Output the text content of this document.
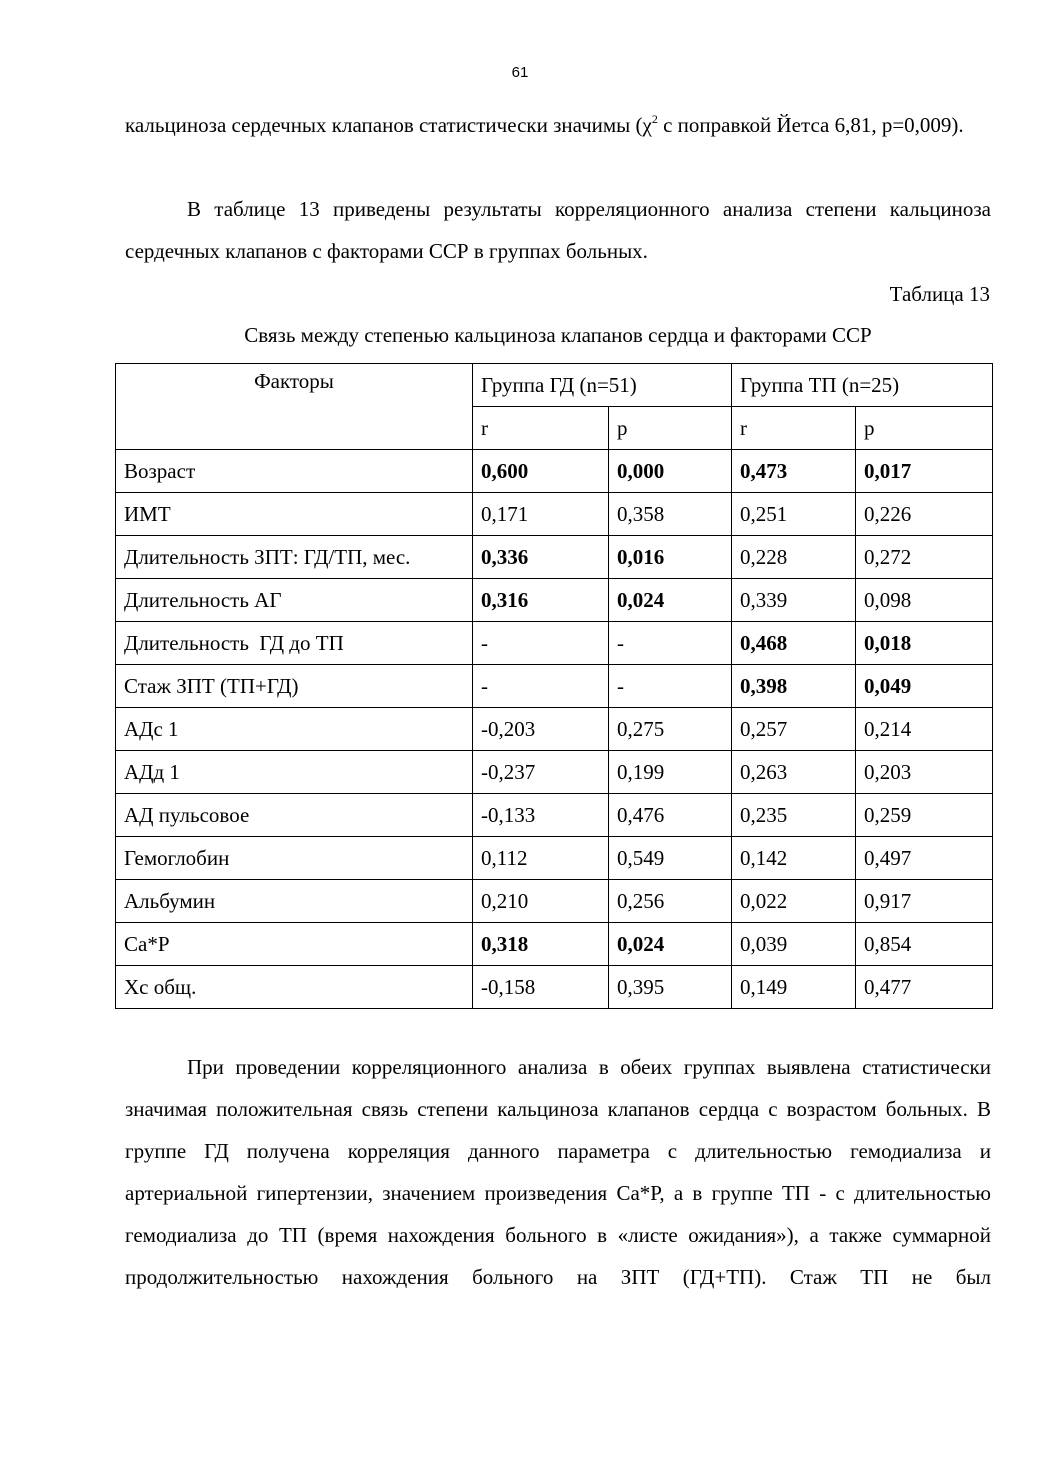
61

кальциноза сердечных клапанов статистически значимы ($\chi^2$ с поправкой Йетса 6,81, p=0,009).

В таблице 13 приведены результаты корреляционного анализа степени кальциноза сердечных клапанов с факторами ССР в группах больных.

Таблица 13
Связь между степенью кальциноза клапанов сердца и факторами ССР
Факторы	Группа ГД (n=51)		Группа ТП (n=25)	
	r	p	r	p
Возраст	0,600	0,000	0,473	0,017
ИМТ	0,171	0,358	0,251	0,226
Длительность ЗПТ: ГД/ТП, мес.	0,336	0,016	0,228	0,272
Длительность АГ	0,316	0,024	0,339	0,098
Длительность  ГД до ТП	-	-	0,468	0,018
Стаж ЗПТ (ТП+ГД)	-	-	0,398	0,049
АДс 1	-0,203	0,275	0,257	0,214
АДд 1	-0,237	0,199	0,263	0,203
АД пульсовое	-0,133	0,476	0,235	0,259
Гемоглобин	0,112	0,549	0,142	0,497
Альбумин	0,210	0,256	0,022	0,917
Са*Р	0,318	0,024	0,039	0,854
Хс общ.	-0,158	0,395	0,149	0,477

При проведении корреляционного анализа в обеих группах выявлена статистически значимая положительная связь степени кальциноза клапанов сердца с возрастом больных. В группе ГД получена корреляция данного параметра с длительностью гемодиализа и артериальной гипертензии, значением произведения Са*Р, а в группе ТП - с длительностью гемодиализа до ТП (время нахождения больного в «листе ожидания»), а также суммарной продолжительностью нахождения больного на ЗПТ (ГД+ТП). Стаж ТП не был
